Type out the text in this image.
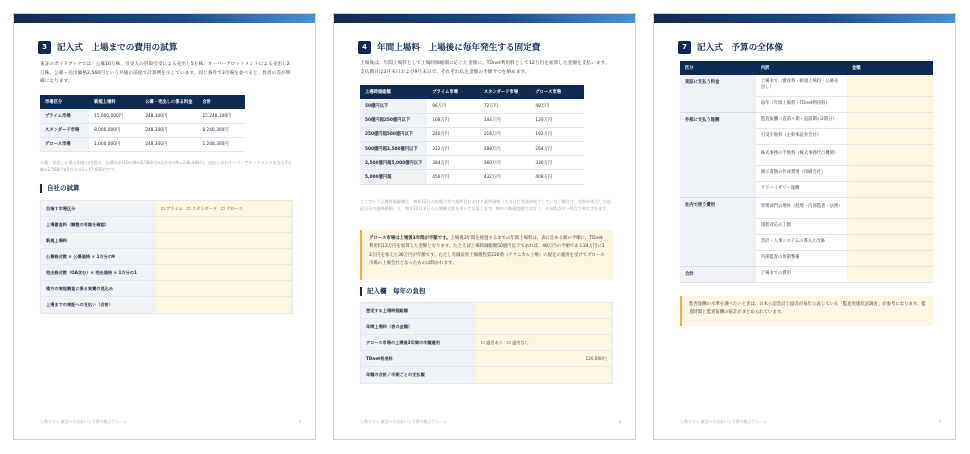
3	記入式　上場までの費用の試算
東証のガイドブックでは、公募10万株、引受人の買取引受による売出し5万株、オーバーアロットメントによる売出し2万株、公募・売出価格2,560円という共通の前提で計算例を示しています。同じ条件で3市場を並べると、負担の差が明確になります。
市場区分	新規上場料	公募・売出しに係る料金	合計
プライム市場	15,000,000円	248,300円	15,248,300円
スタンダード市場	8,000,000円	248,300円	8,248,300円
グロース市場	1,000,000円	248,300円	1,248,300円
公募・売出しに係る料金の内訳は、公募分が(10万株×2,560円)×1万分の9＝230,400円、売出し分がオーバーアロットメントを含む7万株×2,560円×1万分の1＝17,920円です。
自社の試算
目指す市場区分	☐ プライム　☐ スタンダード　☐ グロース
上場審査料（調整の有無を確認）
新規上場料
公募株式数 × 公募価格 × 1万分の9
売出株式数（OA含む）× 売出価格 × 1万分の1
遠方の実地調査に係る実費の見込み
上場までの東証への支払い（合計）
上場コスト 東証への支払いと予算の組立てシート	3
4	年間上場料　上場後に毎年発生する固定費
上場後は、年間上場料として上場時価総額に応じた金額に、TDnet利用料として12万円を加算した金額を支払います。支払期日は3月末日および9月末日で、それぞれ払込金額の半額ずつを納めます。
上場時価総額	プライム市場	スタンダード市場	グロース市場
50億円以下	96万円	72万円	48万円
50億円超250億円以下	168万円	144万円	120万円
250億円超500億円以下	240万円	216万円	192万円
500億円超2,500億円以下	312万円	288万円	264万円
2,500億円超5,000億円以下	384万円	360万円	336万円
5,000億円超	456万円	432万円	408万円
ここでいう上場時価総額は、毎年12月の売買立会の最終日における最終価格（その日に売買が成立していない場合は、売買が成立した直近の日の最終価格）と、毎年12月末日の上場株式数を用いて計算します。期中の株価変動ではなく、年末時点の一時点で判定されます。
グロース市場は上場後3年間が半額です。上場後3年間を経過するまでの年間上場料は、表に定める額の半額に、TDnet利用料12万円を加算した金額となります。たとえば上場時価総額50億円以下であれば、48万円の半額である24万円に12万円を加えた36万円が年額です。ただし有価証券上場規程第220条（テクニカル上場）の規定の適用を受けてグロース市場の上場会社となったものは除かれます。
記入欄　毎年の負担
想定する上場時価総額
年間上場料（表の金額）
グロース市場の上場後3年間の半額適用	☐ 適用あり　☐ 適用なし
TDnet利用料	120,000円
年額の合計／半期ごとの支払額
上場コスト 東証への支払いと予算の組立てシート	4
7	記入式　予算の全体像
区分	内訳	金額
東証に支払う料金	上場まで（審査料・新規上場料・公募売出し）	
	毎年（年間上場料＋TDnet利用料）	
外部に支払う報酬	監査報酬（直前々期・直前期の2期分）	
	引受手数料（主幹事証券会社）	
	株式事務の手数料（株式事務代行機関）	
	開示書類の作成費用（印刷会社）	
	アドバイザリー報酬	
社内で使う費用	管理部門の増員（経理・内部監査・法務）	
	規程対応の工数	
	会計・人事システムの導入と改修	
	内部監査の体制整備	
合計	上場までの費用	
監査報酬の水準を調べたいときは、日本公認会計士協会が毎年公表している「監査実施状況調査」が参考になります。監査時間と監査報酬の統計がまとめられています。
上場コスト 東証への支払いと予算の組立てシート	7
